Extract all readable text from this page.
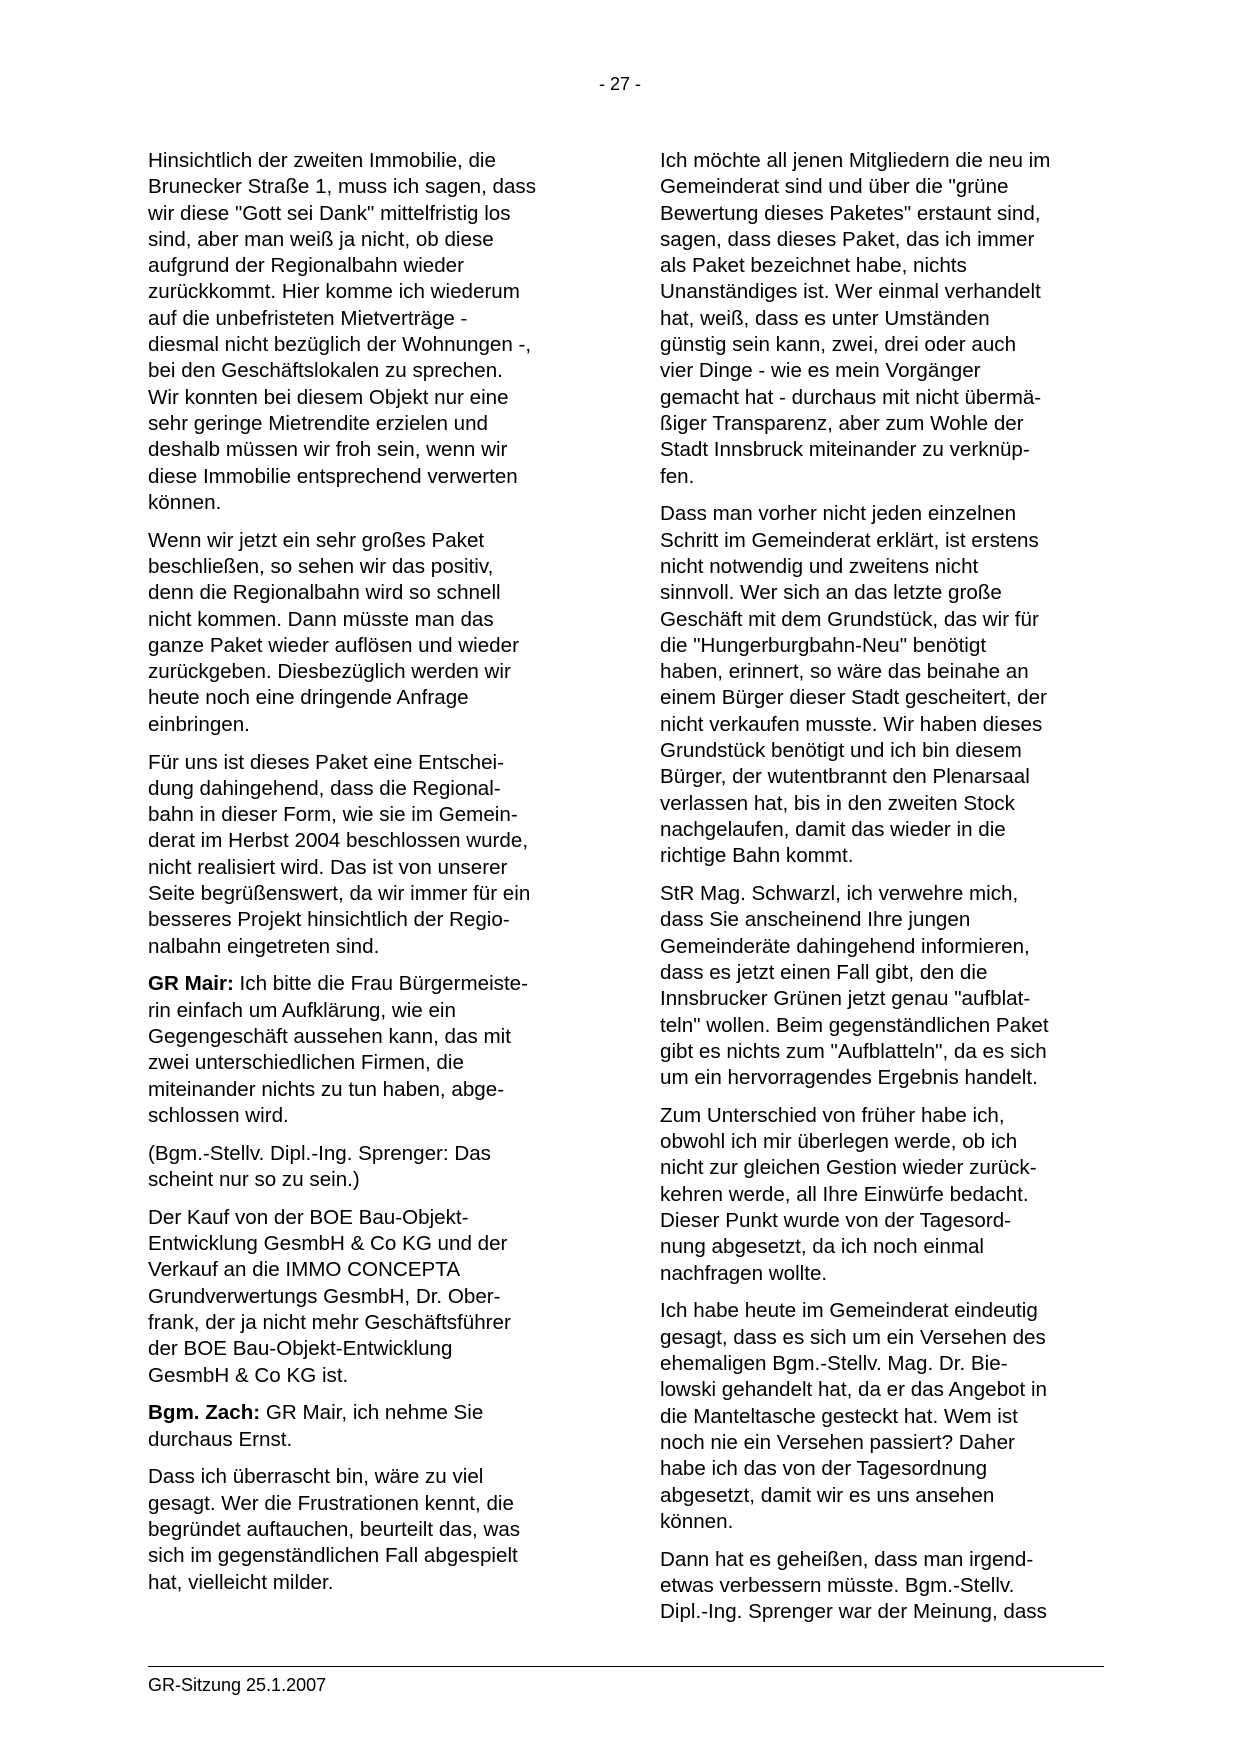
- 27 -

Hinsichtlich der zweiten Immobilie, die
Brunecker Straße 1, muss ich sagen, dass
wir diese "Gott sei Dank" mittelfristig los
sind, aber man weiß ja nicht, ob diese
aufgrund der Regionalbahn wieder
zurückkommt. Hier komme ich wiederum
auf die unbefristeten Mietverträge -
diesmal nicht bezüglich der Wohnungen -,
bei den Geschäftslokalen zu sprechen.
Wir konnten bei diesem Objekt nur eine
sehr geringe Mietrendite erzielen und
deshalb müssen wir froh sein, wenn wir
diese Immobilie entsprechend verwerten
können.

Wenn wir jetzt ein sehr großes Paket
beschließen, so sehen wir das positiv,
denn die Regionalbahn wird so schnell
nicht kommen. Dann müsste man das
ganze Paket wieder auflösen und wieder
zurückgeben. Diesbezüglich werden wir
heute noch eine dringende Anfrage
einbringen.

Für uns ist dieses Paket eine Entschei-
dung dahingehend, dass die Regional-
bahn in dieser Form, wie sie im Gemein-
derat im Herbst 2004 beschlossen wurde,
nicht realisiert wird. Das ist von unserer
Seite begrüßenswert, da wir immer für ein
besseres Projekt hinsichtlich der Regio-
nalbahn eingetreten sind.

GR Mair: Ich bitte die Frau Bürgermeiste-
rin einfach um Aufklärung, wie ein
Gegengeschäft aussehen kann, das mit
zwei unterschiedlichen Firmen, die
miteinander nichts zu tun haben, abge-
schlossen wird.

(Bgm.-Stellv. Dipl.-Ing. Sprenger: Das
scheint nur so zu sein.)

Der Kauf von der BOE Bau-Objekt-
Entwicklung GesmbH & Co KG und der
Verkauf an die IMMO CONCEPTA
Grundverwertungs GesmbH, Dr. Ober-
frank, der ja nicht mehr Geschäftsführer
der BOE Bau-Objekt-Entwicklung
GesmbH & Co KG ist.

Bgm. Zach: GR Mair, ich nehme Sie
durchaus Ernst.

Dass ich überrascht bin, wäre zu viel
gesagt. Wer die Frustrationen kennt, die
begründet auftauchen, beurteilt das, was
sich im gegenständlichen Fall abgespielt
hat, vielleicht milder.

Ich möchte all jenen Mitgliedern die neu im
Gemeinderat sind und über die "grüne
Bewertung dieses Paketes" erstaunt sind,
sagen, dass dieses Paket, das ich immer
als Paket bezeichnet habe, nichts
Unanständiges ist. Wer einmal verhandelt
hat, weiß, dass es unter Umständen
günstig sein kann, zwei, drei oder auch
vier Dinge - wie es mein Vorgänger
gemacht hat - durchaus mit nicht übermä-
ßiger Transparenz, aber zum Wohle der
Stadt Innsbruck miteinander zu verknüp-
fen.

Dass man vorher nicht jeden einzelnen
Schritt im Gemeinderat erklärt, ist erstens
nicht notwendig und zweitens nicht
sinnvoll. Wer sich an das letzte große
Geschäft mit dem Grundstück, das wir für
die "Hungerburgbahn-Neu" benötigt
haben, erinnert, so wäre das beinahe an
einem Bürger dieser Stadt gescheitert, der
nicht verkaufen musste. Wir haben dieses
Grundstück benötigt und ich bin diesem
Bürger, der wutentbrannt den Plenarsaal
verlassen hat, bis in den zweiten Stock
nachgelaufen, damit das wieder in die
richtige Bahn kommt.

StR Mag. Schwarzl, ich verwehre mich,
dass Sie anscheinend Ihre jungen
Gemeinderäte dahingehend informieren,
dass es jetzt einen Fall gibt, den die
Innsbrucker Grünen jetzt genau "aufblat-
teln" wollen. Beim gegenständlichen Paket
gibt es nichts zum "Aufblatteln", da es sich
um ein hervorragendes Ergebnis handelt.

Zum Unterschied von früher habe ich,
obwohl ich mir überlegen werde, ob ich
nicht zur gleichen Gestion wieder zurück-
kehren werde, all Ihre Einwürfe bedacht.
Dieser Punkt wurde von der Tagesord-
nung abgesetzt, da ich noch einmal
nachfragen wollte.

Ich habe heute im Gemeinderat eindeutig
gesagt, dass es sich um ein Versehen des
ehemaligen Bgm.-Stellv. Mag. Dr. Bie-
lowski gehandelt hat, da er das Angebot in
die Manteltasche gesteckt hat. Wem ist
noch nie ein Versehen passiert? Daher
habe ich das von der Tagesordnung
abgesetzt, damit wir es uns ansehen
können.

Dann hat es geheißen, dass man irgend-
etwas verbessern müsste. Bgm.-Stellv.
Dipl.-Ing. Sprenger war der Meinung, dass

GR-Sitzung 25.1.2007
